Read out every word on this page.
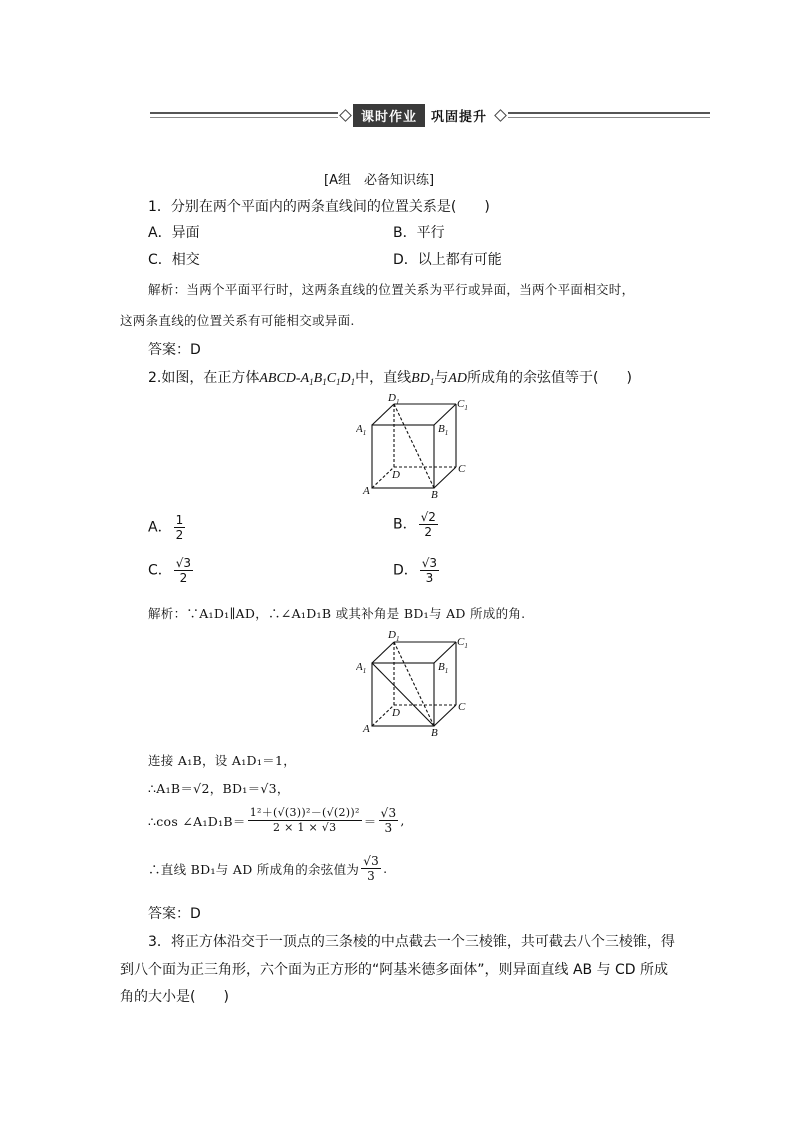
课时作业	巩固提升
[A组　必备知识练]
1．分别在两个平面内的两条直线间的位置关系是(　　)
A．异面	B．平行
C．相交	D．以上都有可能
解析：当两个平面平行时，这两条直线的位置关系为平行或异面，当两个平面相交时，
这两条直线的位置关系有可能相交或异面.
答案：D
2.如图，在正方体ABCD-$A_1B_1C_1D_1$中，直线$BD_1$与AD所成角的余弦值等于(　　)
$D_1$	$C_1$
$A_1$	$B_1$
C
D
A	B
A． $\frac{1}{2}$	B． $\frac{√2}{2}$
C． $\frac{√3}{2}$	D． $\frac{√3}{3}$
解析：∵A₁D₁∥AD，∴∠A₁D₁B 或其补角是 BD₁与 AD 所成的角.
$D_1$	$C_1$
$A_1$	$B_1$
C
D
A	B
连接 A₁B，设 A₁D₁＝1，
∴A₁B＝√2，BD₁＝√3，
∴cos ∠A₁D₁B＝ $\frac{\text{1²＋(√(3))²－(√(2))²}}{2 \times 1 \times √3} = \frac{√3}{3}$ ,
∴直线 BD₁与 AD 所成角的余弦值为 $\frac{√3}{3}$ .
答案：D
3．将正方体沿交于一顶点的三条棱的中点截去一个三棱锥，共可截去八个三棱锥，得
到八个面为正三角形，六个面为正方形的“阿基米德多面体”，则异面直线 AB 与 CD 所成
角的大小是(　　)
